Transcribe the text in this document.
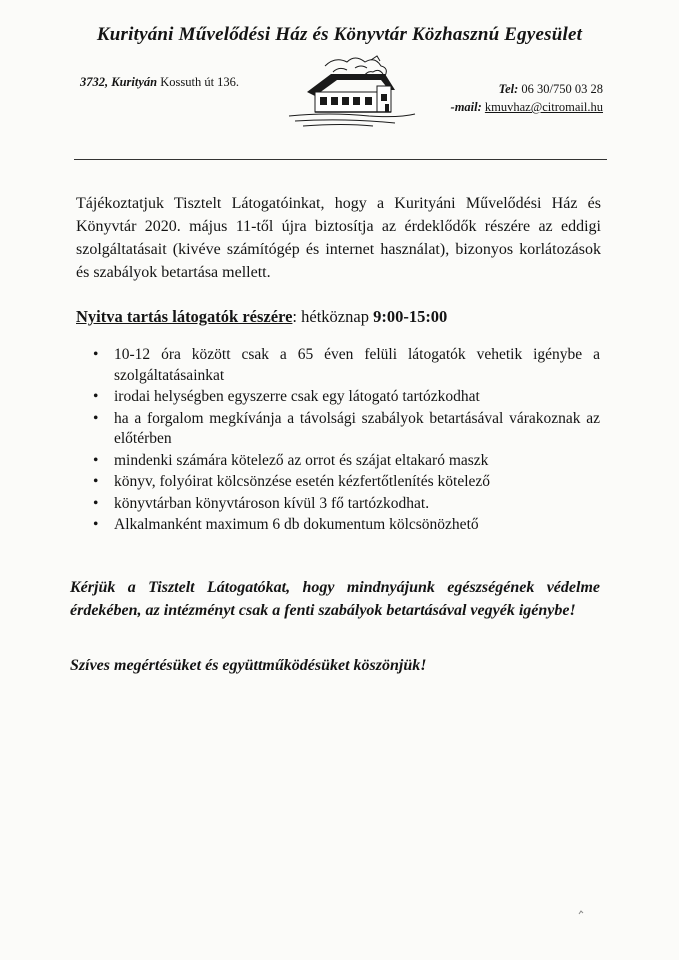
Kurityáni Művelődési Ház és Könyvtár Közhasznú Egyesület
3732, Kurityán Kossuth út 136.	Tel: 06 30/750 03 28
-mail: kmuvhaz@citromail.hu
Tájékoztatjuk Tisztelt Látogatóinkat, hogy a Kurityáni Művelődési Ház és Könyvtár 2020. május 11-től újra biztosítja az érdeklődők részére az eddigi szolgáltatásait (kivéve számítógép és internet használat), bizonyos korlátozások és szabályok betartása mellett.
Nyitva tartás látogatók részére: hétköznap 9:00-15:00
• 10-12 óra között csak a 65 éven felüli látogatók vehetik igénybe a szolgáltatásainkat
• irodai helységben egyszerre csak egy látogató tartózkodhat
• ha a forgalom megkívánja a távolsági szabályok betartásával várakoznak az előtérben
• mindenki számára kötelező az orrot és szájat eltakaró maszk
• könyv, folyóirat kölcsönzése esetén kézfertőtlenítés kötelező
• könyvtárban könyvtároson kívül 3 fő tartózkodhat.
• Alkalmanként maximum 6 db dokumentum kölcsönözhető
Kérjük a Tisztelt Látogatókat, hogy mindnyájunk egészségének védelme érdekében, az intézményt csak a fenti szabályok betartásával vegyék igénybe!
Szíves megértésüket és együttműködésüket köszönjük!
